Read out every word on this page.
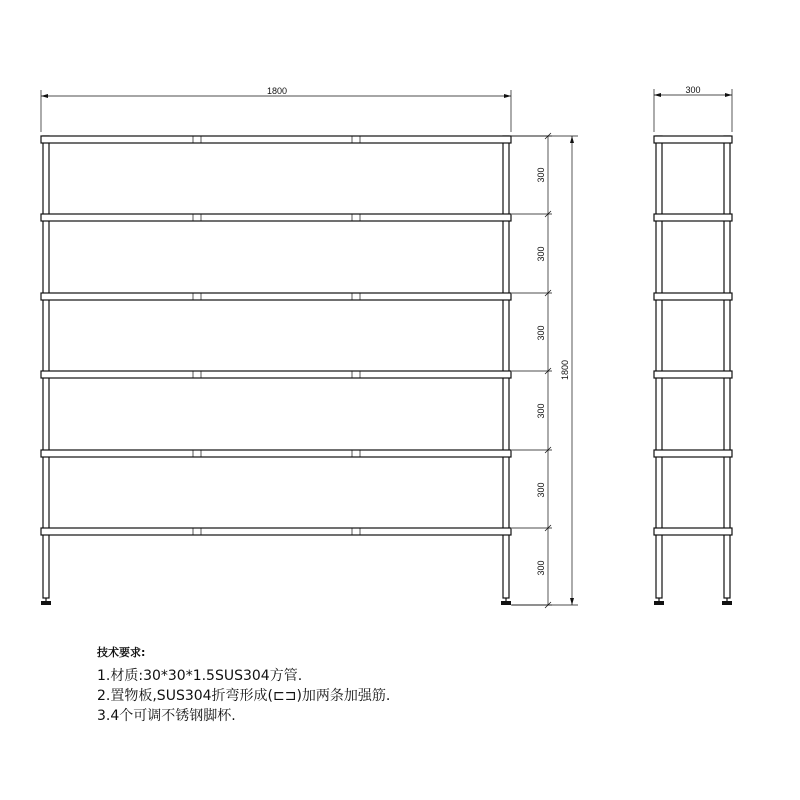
1800
1800
300
300
300
300
300
300
300
技术要求:
1.材质:30*30*1.5SUS304方管.
2.置物板,SUS304折弯形成(⊏⊐)加两条加强筋.
3.4个可调不锈钢脚杯.
